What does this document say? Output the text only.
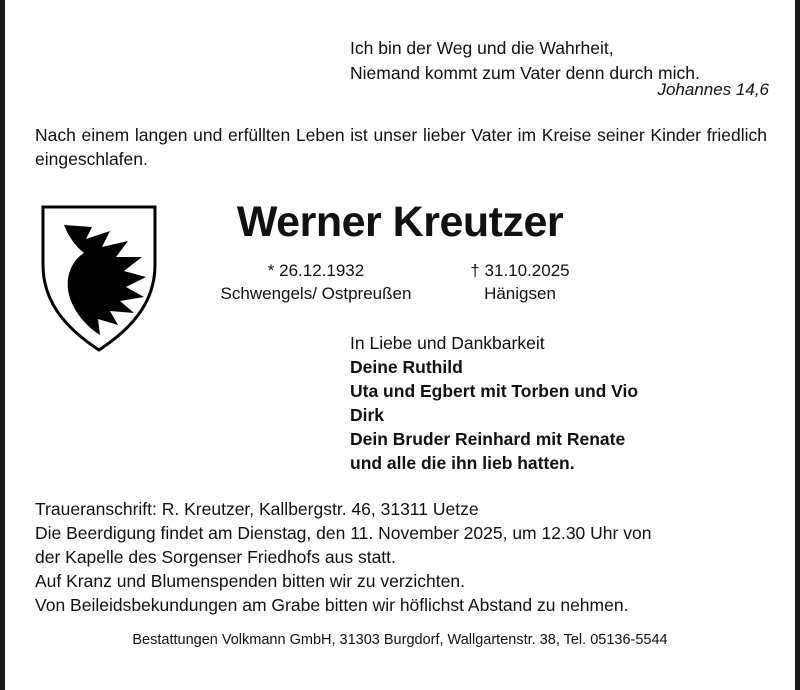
Ich bin der Weg und die Wahrheit,
Niemand kommt zum Vater denn durch mich.
Johannes 14,6
Nach einem langen und erfüllten Leben ist unser lieber Vater im Kreise seiner Kinder friedlich eingeschlafen.
Werner Kreutzer
* 26.12.1932
Schwengels/ Ostpreußen
† 31.10.2025
Hänigsen
In Liebe und Dankbarkeit
Deine Ruthild
Uta und Egbert mit Torben und Vio
Dirk
Dein Bruder Reinhard mit Renate
und alle die ihn lieb hatten.
Traueranschrift: R. Kreutzer, Kallbergstr. 46, 31311 Uetze
Die Beerdigung findet am Dienstag, den 11. November 2025, um 12.30 Uhr von
der Kapelle des Sorgenser Friedhofs aus statt.
Auf Kranz und Blumenspenden bitten wir zu verzichten.
Von Beileidsbekundungen am Grabe bitten wir höflichst Abstand zu nehmen.
Bestattungen Volkmann GmbH, 31303 Burgdorf, Wallgartenstr. 38, Tel. 05136-5544
